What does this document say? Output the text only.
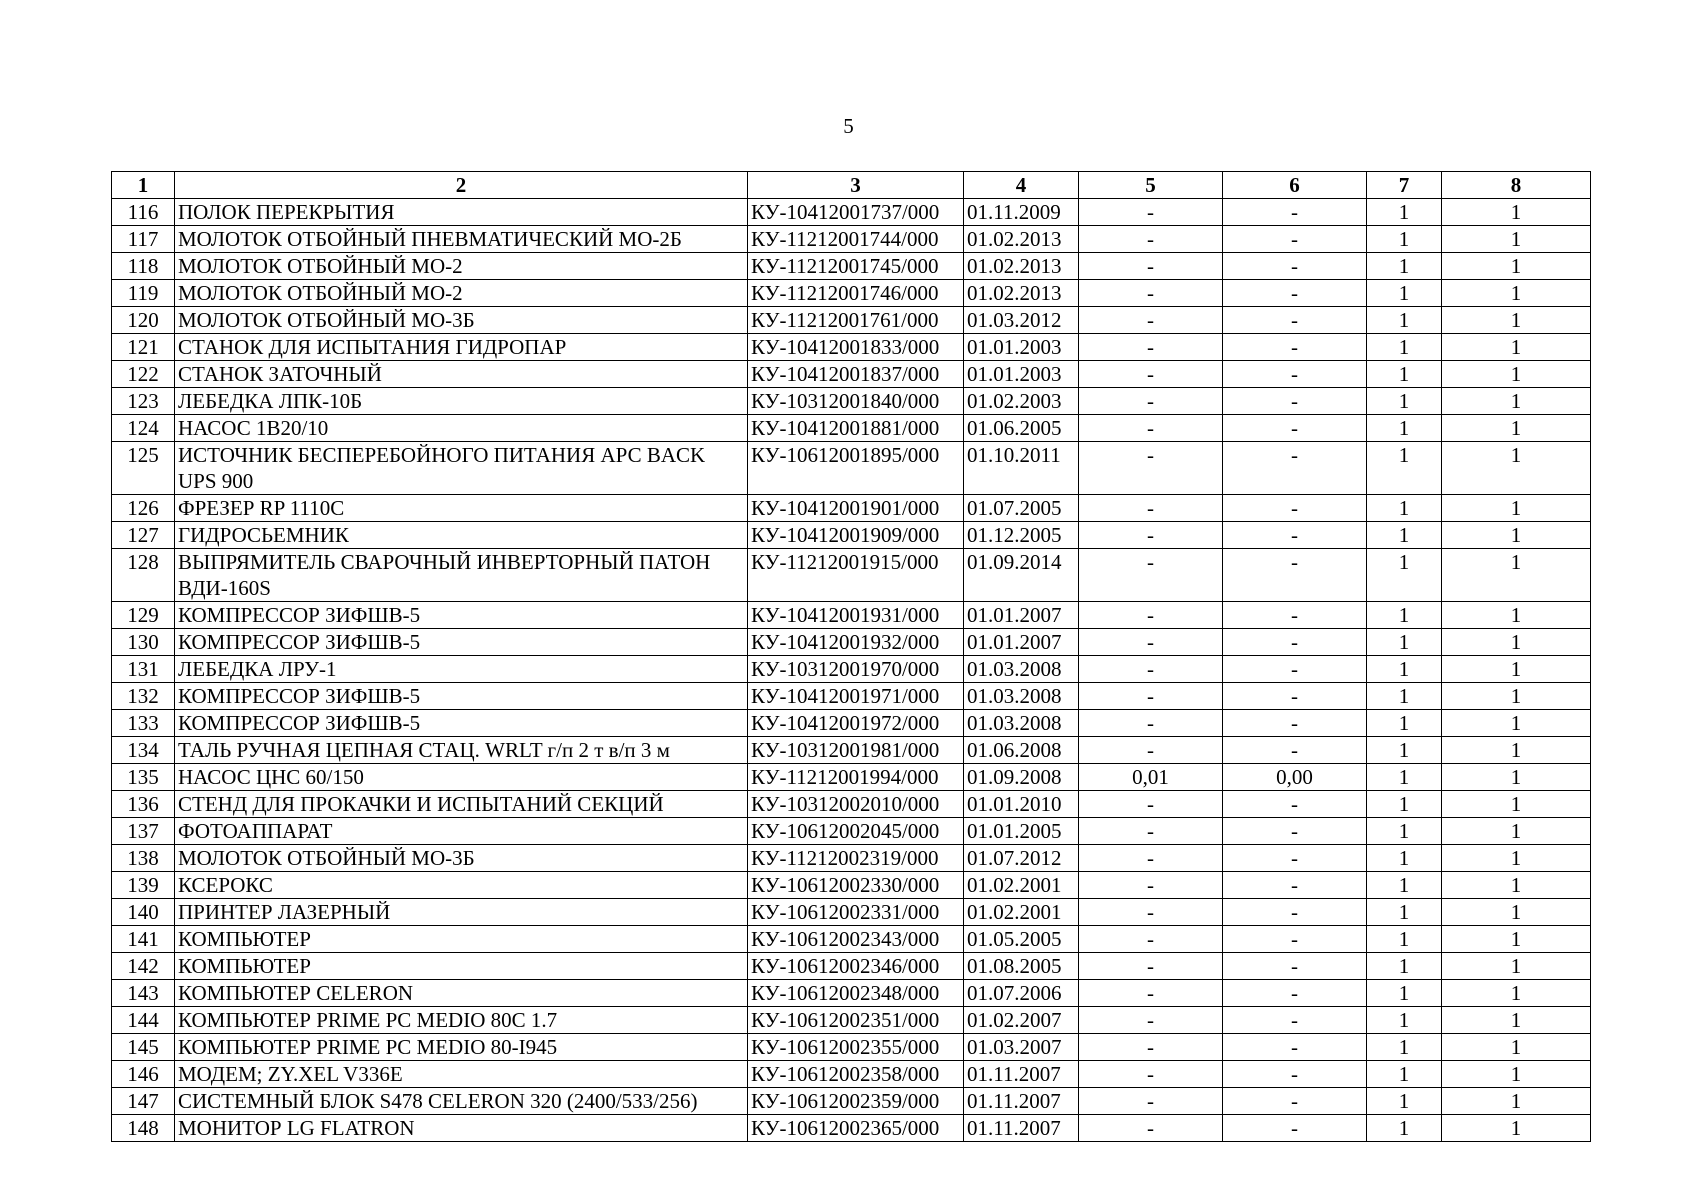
5
1	2	3	4	5	6	7	8
116	ПОЛОК ПЕРЕКРЫТИЯ	КУ-10412001737/000	01.11.2009	-	-	1	1
117	МОЛОТОК ОТБОЙНЫЙ ПНЕВМАТИЧЕСКИЙ МО-2Б	КУ-11212001744/000	01.02.2013	-	-	1	1
118	МОЛОТОК ОТБОЙНЫЙ МО-2	КУ-11212001745/000	01.02.2013	-	-	1	1
119	МОЛОТОК ОТБОЙНЫЙ МО-2	КУ-11212001746/000	01.02.2013	-	-	1	1
120	МОЛОТОК ОТБОЙНЫЙ МО-3Б	КУ-11212001761/000	01.03.2012	-	-	1	1
121	СТАНОК ДЛЯ ИСПЫТАНИЯ ГИДРОПАР	КУ-10412001833/000	01.01.2003	-	-	1	1
122	СТАНОК ЗАТОЧНЫЙ	КУ-10412001837/000	01.01.2003	-	-	1	1
123	ЛЕБЕДКА ЛПК-10Б	КУ-10312001840/000	01.02.2003	-	-	1	1
124	НАСОС 1В20/10	КУ-10412001881/000	01.06.2005	-	-	1	1
125	ИСТОЧНИК БЕСПЕРЕБОЙНОГО ПИТАНИЯ АРС BACK UPS 900	КУ-10612001895/000	01.10.2011	-	-	1	1
126	ФРЕЗЕР RP 1110C	КУ-10412001901/000	01.07.2005	-	-	1	1
127	ГИДРОСЬЕМНИК	КУ-10412001909/000	01.12.2005	-	-	1	1
128	ВЫПРЯМИТЕЛЬ СВАРОЧНЫЙ ИНВЕРТОРНЫЙ ПАТОН ВДИ-160S	КУ-11212001915/000	01.09.2014	-	-	1	1
129	КОМПРЕССОР ЗИФШВ-5	КУ-10412001931/000	01.01.2007	-	-	1	1
130	КОМПРЕССОР ЗИФШВ-5	КУ-10412001932/000	01.01.2007	-	-	1	1
131	ЛЕБЕДКА ЛРУ-1	КУ-10312001970/000	01.03.2008	-	-	1	1
132	КОМПРЕССОР ЗИФШВ-5	КУ-10412001971/000	01.03.2008	-	-	1	1
133	КОМПРЕССОР ЗИФШВ-5	КУ-10412001972/000	01.03.2008	-	-	1	1
134	ТАЛЬ РУЧНАЯ ЦЕПНАЯ СТАЦ. WRLT г/п 2 т в/п 3 м	КУ-10312001981/000	01.06.2008	-	-	1	1
135	НАСОС ЦНС 60/150	КУ-11212001994/000	01.09.2008	0,01	0,00	1	1
136	СТЕНД ДЛЯ ПРОКАЧКИ И ИСПЫТАНИЙ СЕКЦИЙ	КУ-10312002010/000	01.01.2010	-	-	1	1
137	ФОТОАППАРАТ	КУ-10612002045/000	01.01.2005	-	-	1	1
138	МОЛОТОК ОТБОЙНЫЙ МО-3Б	КУ-11212002319/000	01.07.2012	-	-	1	1
139	КСЕРОКС	КУ-10612002330/000	01.02.2001	-	-	1	1
140	ПРИНТЕР ЛАЗЕРНЫЙ	КУ-10612002331/000	01.02.2001	-	-	1	1
141	КОМПЬЮТЕР	КУ-10612002343/000	01.05.2005	-	-	1	1
142	КОМПЬЮТЕР	КУ-10612002346/000	01.08.2005	-	-	1	1
143	КОМПЬЮТЕР CELERON	КУ-10612002348/000	01.07.2006	-	-	1	1
144	КОМПЬЮТЕР PRIME PC MEDIO 80C 1.7	КУ-10612002351/000	01.02.2007	-	-	1	1
145	КОМПЬЮТЕР PRIME PC MEDIO 80-I945	КУ-10612002355/000	01.03.2007	-	-	1	1
146	МОДЕМ; ZY.XEL V336E	КУ-10612002358/000	01.11.2007	-	-	1	1
147	СИСТЕМНЫЙ БЛОК S478 CELERON 320 (2400/533/256)	КУ-10612002359/000	01.11.2007	-	-	1	1
148	МОНИТОР LG FLATRON	КУ-10612002365/000	01.11.2007	-	-	1	1
